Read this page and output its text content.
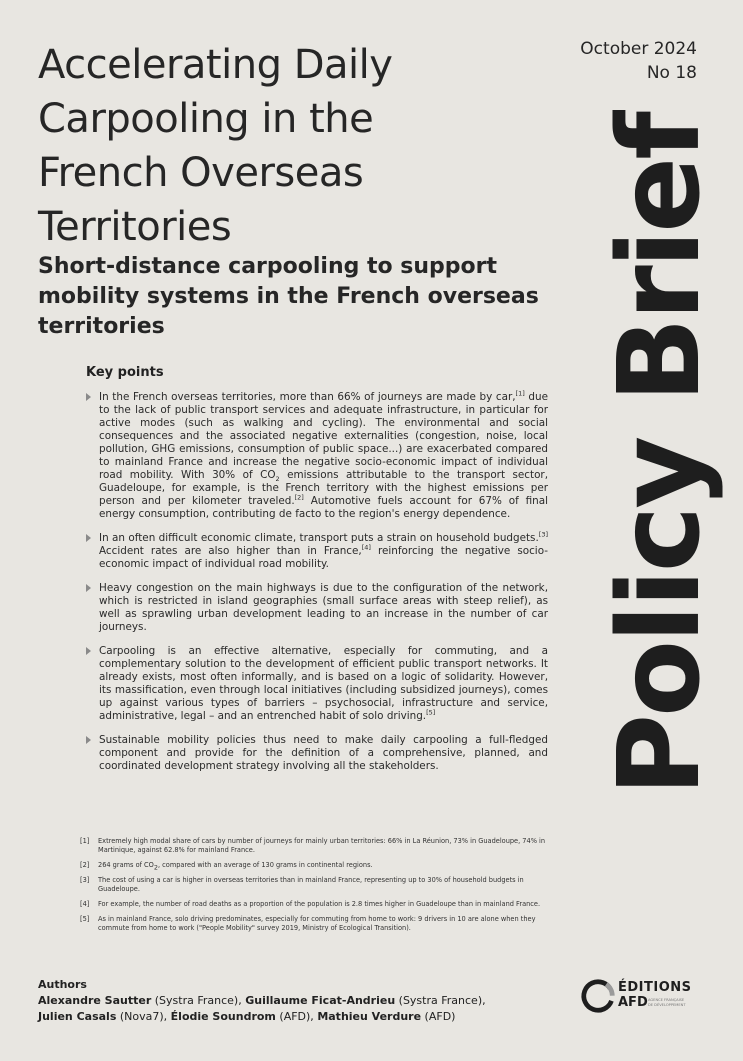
Accelerating Daily Carpooling in the French Overseas Territories
Short-distance carpooling to support mobility systems in the French overseas territories
October 2024
No 18
Policy Brief
Key points
In the French overseas territories, more than 66% of journeys are made by car,[1] due to the lack of public transport services and adequate infrastructure, in particular for active modes (such as walking and cycling). The environmental and social consequences and the associated negative externalities (congestion, noise, local pollution, GHG emissions, consumption of public space...) are exacerbated compared to mainland France and increase the negative socio-economic impact of individual road mobility. With 30% of $CO_2$ emissions attributable to the transport sector, Guadeloupe, for example, is the French territory with the highest emissions per person and per kilometer traveled.[2] Automotive fuels account for 67% of final energy consumption, contributing de facto to the region's energy dependence.
In an often difficult economic climate, transport puts a strain on household budgets.[3] Accident rates are also higher than in France,[4] reinforcing the negative socio-economic impact of individual road mobility.
Heavy congestion on the main highways is due to the configuration of the network, which is restricted in island geographies (small surface areas with steep relief), as well as sprawling urban development leading to an increase in the number of car journeys.
Carpooling is an effective alternative, especially for commuting, and a complementary solution to the development of efficient public transport networks. It already exists, most often informally, and is based on a logic of solidarity. However, its massification, even through local initiatives (including subsidized journeys), comes up against various types of barriers – psychosocial, infrastructure and service, administrative, legal – and an entrenched habit of solo driving.[5]
Sustainable mobility policies thus need to make daily carpooling a full-fledged component and provide for the definition of a comprehensive, planned, and coordinated development strategy involving all the stakeholders.
[1] Extremely high modal share of cars by number of journeys for mainly urban territories: 66% in La Réunion, 73% in Guadeloupe, 74% in Martinique, against 62.8% for mainland France.
[2] 264 grams of $CO_2$, compared with an average of 130 grams in continental regions.
[3] The cost of using a car is higher in overseas territories than in mainland France, representing up to 30% of household budgets in Guadeloupe.
[4] For example, the number of road deaths as a proportion of the population is 2.8 times higher in Guadeloupe than in mainland France.
[5] As in mainland France, solo driving predominates, especially for commuting from home to work: 9 drivers in 10 are alone when they commute from home to work ("People Mobility" survey 2019, Ministry of Ecological Transition).
Authors
Alexandre Sautter (Systra France), Guillaume Ficat-Andrieu (Systra France),
Julien Casals (Nova7), Élodie Soundrom (AFD), Mathieu Verdure (AFD)
ÉDITIONS
AFD AGENCE FRANÇAISE DE DÉVELOPPEMENT
